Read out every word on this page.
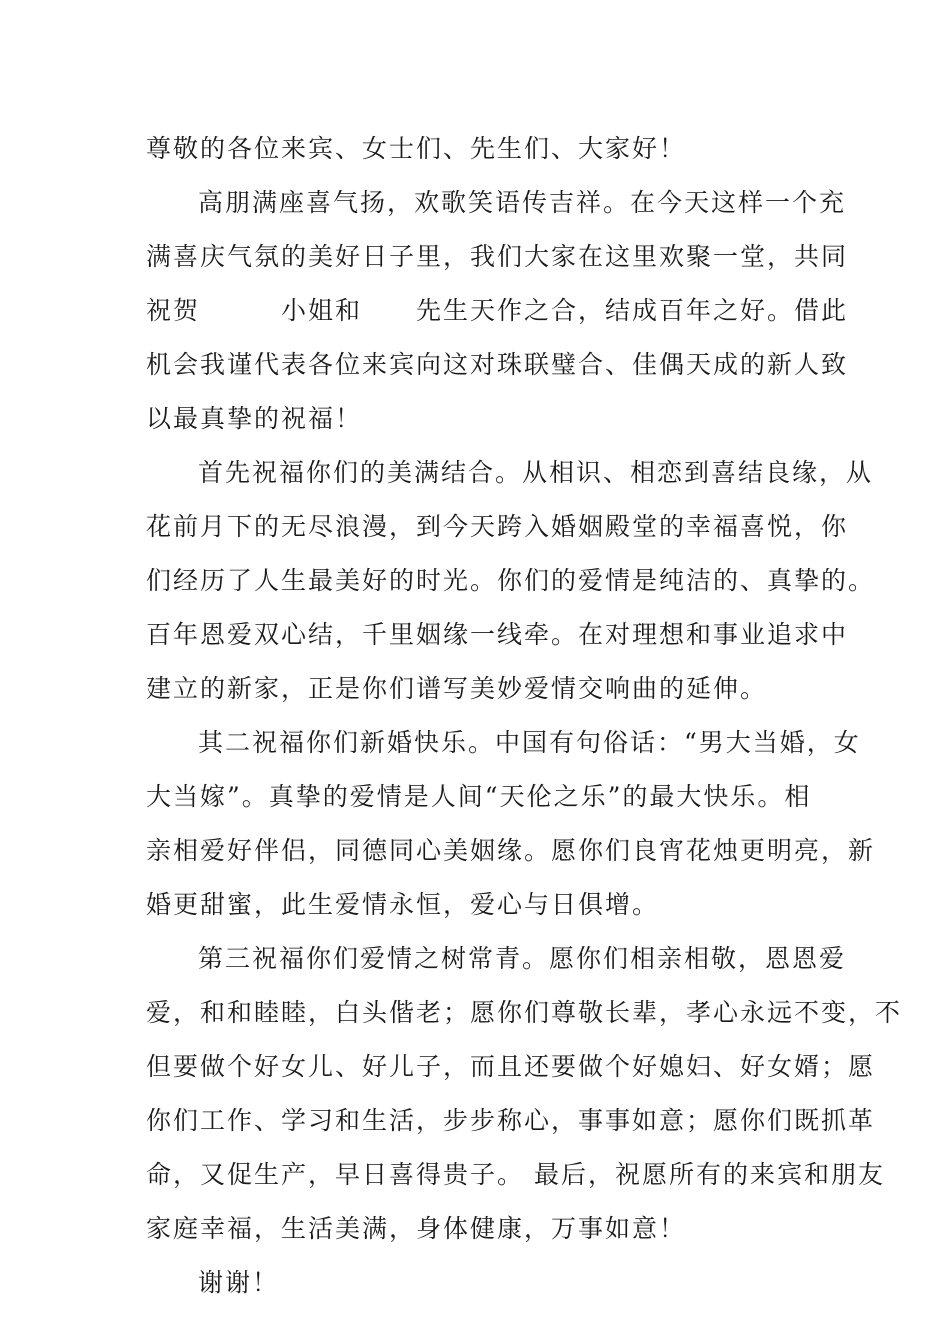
尊敬的各位来宾、女士们、先生们、大家好！
高朋满座喜气扬，欢歌笑语传吉祥。在今天这样一个充
满喜庆气氛的美好日子里，我们大家在这里欢聚一堂，共同
祝贺　　　小姐和　　先生天作之合，结成百年之好。借此
机会我谨代表各位来宾向这对珠联璧合、佳偶天成的新人致
以最真挚的祝福！
首先祝福你们的美满结合。从相识、相恋到喜结良缘，从
花前月下的无尽浪漫，到今天跨入婚姻殿堂的幸福喜悦，你
们经历了人生最美好的时光。你们的爱情是纯洁的、真挚的。
百年恩爱双心结，千里姻缘一线牵。在对理想和事业追求中
建立的新家，正是你们谱写美妙爱情交响曲的延伸。
其二祝福你们新婚快乐。中国有句俗话：“男大当婚，女
大当嫁”。真挚的爱情是人间“天伦之乐”的最大快乐。相
亲相爱好伴侣，同德同心美姻缘。愿你们良宵花烛更明亮，新
婚更甜蜜，此生爱情永恒，爱心与日俱增。
第三祝福你们爱情之树常青。愿你们相亲相敬，恩恩爱
爱，和和睦睦，白头偕老；愿你们尊敬长辈，孝心永远不变，不
但要做个好女儿、好儿子，而且还要做个好媳妇、好女婿；愿
你们工作、学习和生活，步步称心，事事如意；愿你们既抓革
命，又促生产，早日喜得贵子。 最后，祝愿所有的来宾和朋友
家庭幸福，生活美满，身体健康，万事如意！
谢谢！
